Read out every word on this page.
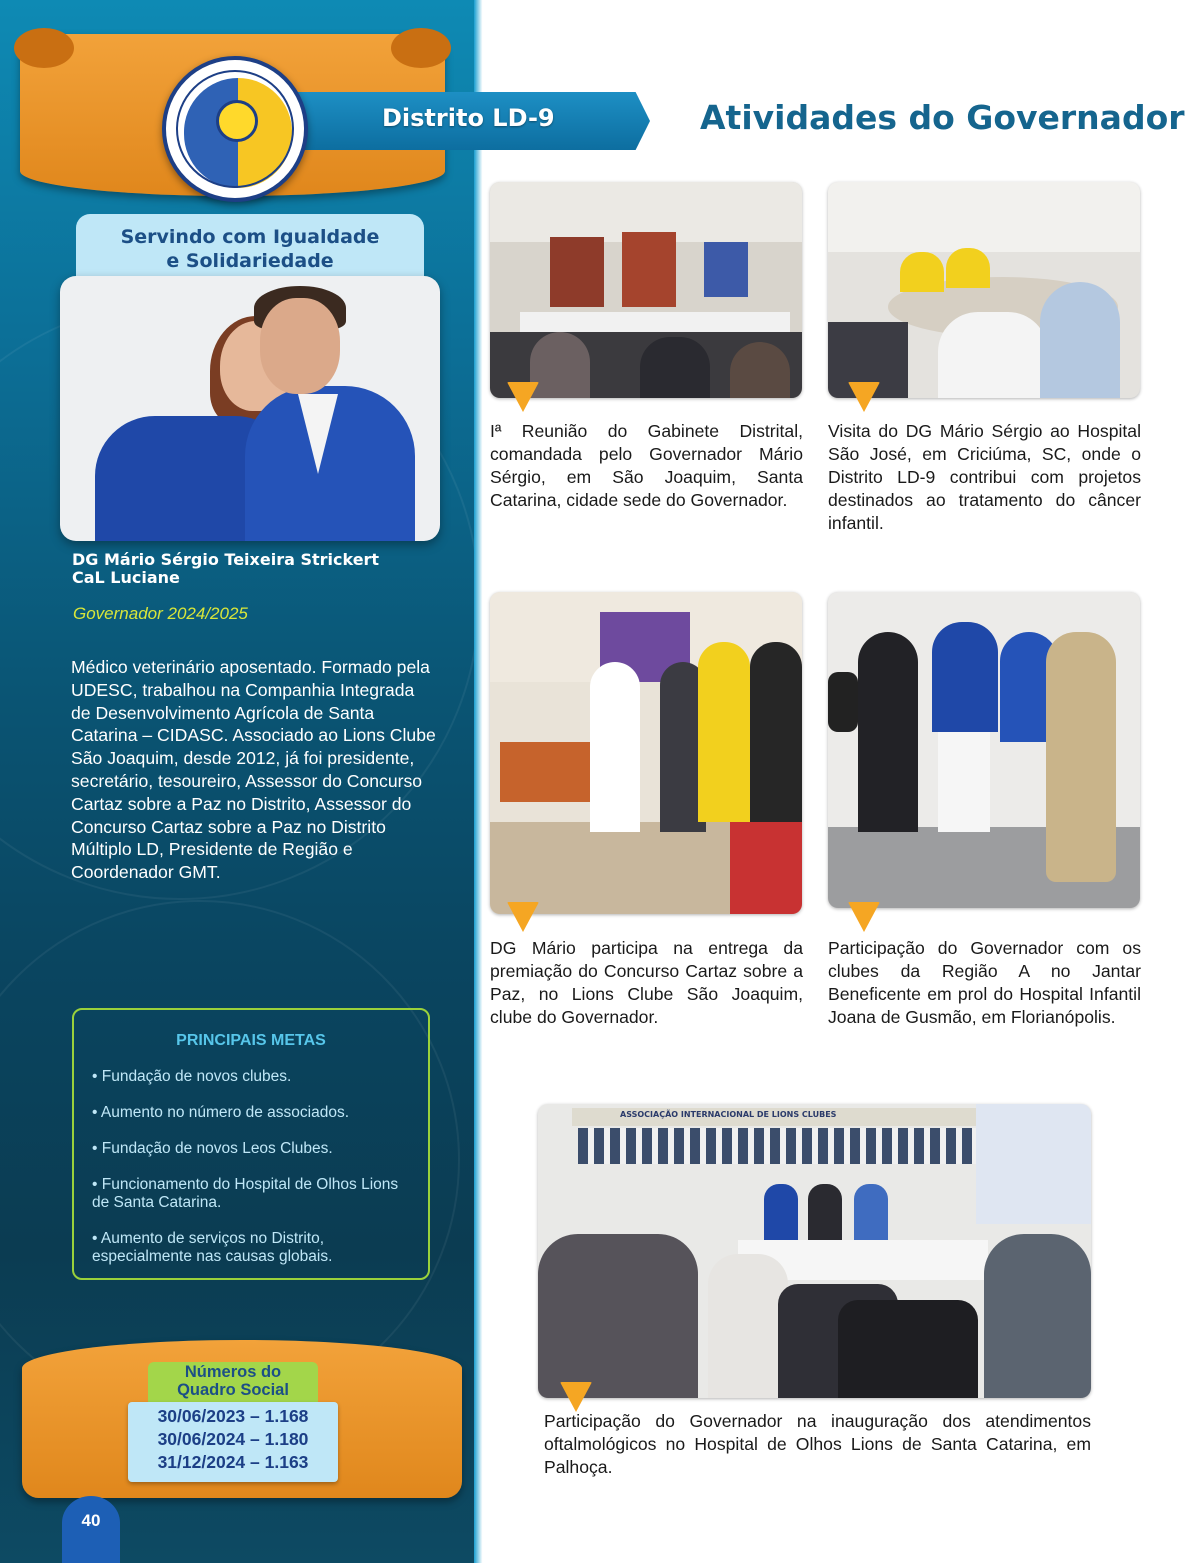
Distrito LD-9	Atividades do Governador
Servindo com Igualdade
e Solidariedade
DG Mário Sérgio Teixeira Strickert
CaL Luciane
Governador 2024/2025
Médico veterinário aposentado. Formado pela UDESC, trabalhou na Companhia Integrada de Desenvolvimento Agrícola de Santa Catarina – CIDASC. Associado ao Lions Clube São Joaquim, desde 2012, já foi presidente, secretário, tesoureiro, Assessor do Concurso Cartaz sobre a Paz no Distrito, Assessor do Concurso Cartaz sobre a Paz no Distrito Múltiplo LD, Presidente de Região e Coordenador GMT.
PRINCIPAIS METAS
• Fundação de novos clubes.
• Aumento no número de associados.
• Fundação de novos Leos Clubes.
• Funcionamento do Hospital de Olhos Lions de Santa Catarina.
• Aumento de serviços no Distrito, especialmente nas causas globais.
Números do
Quadro Social
30/06/2023 – 1.168
30/06/2024 – 1.180
31/12/2024 – 1.163
40
Iª Reunião do Gabinete Distrital, comandada pelo Governador Mário Sérgio, em São Joaquim, Santa Catarina, cidade sede do Governador.
Visita do DG Mário Sérgio ao Hospital São José, em Criciúma, SC, onde o Distrito LD-9 contribui com projetos destinados ao tratamento do câncer infantil.
DG Mário participa na entrega da premiação do Concurso Cartaz sobre a Paz, no Lions Clube São Joaquim, clube do Governador.
Participação do Governador com os clubes da Região A no Jantar Beneficente em prol do Hospital Infantil Joana de Gusmão, em Florianópolis.
ASSOCIAÇÃO INTERNACIONAL DE LIONS CLUBES
Participação do Governador na inauguração dos atendimentos oftalmológicos no Hospital de Olhos Lions de Santa Catarina, em Palhoça.
